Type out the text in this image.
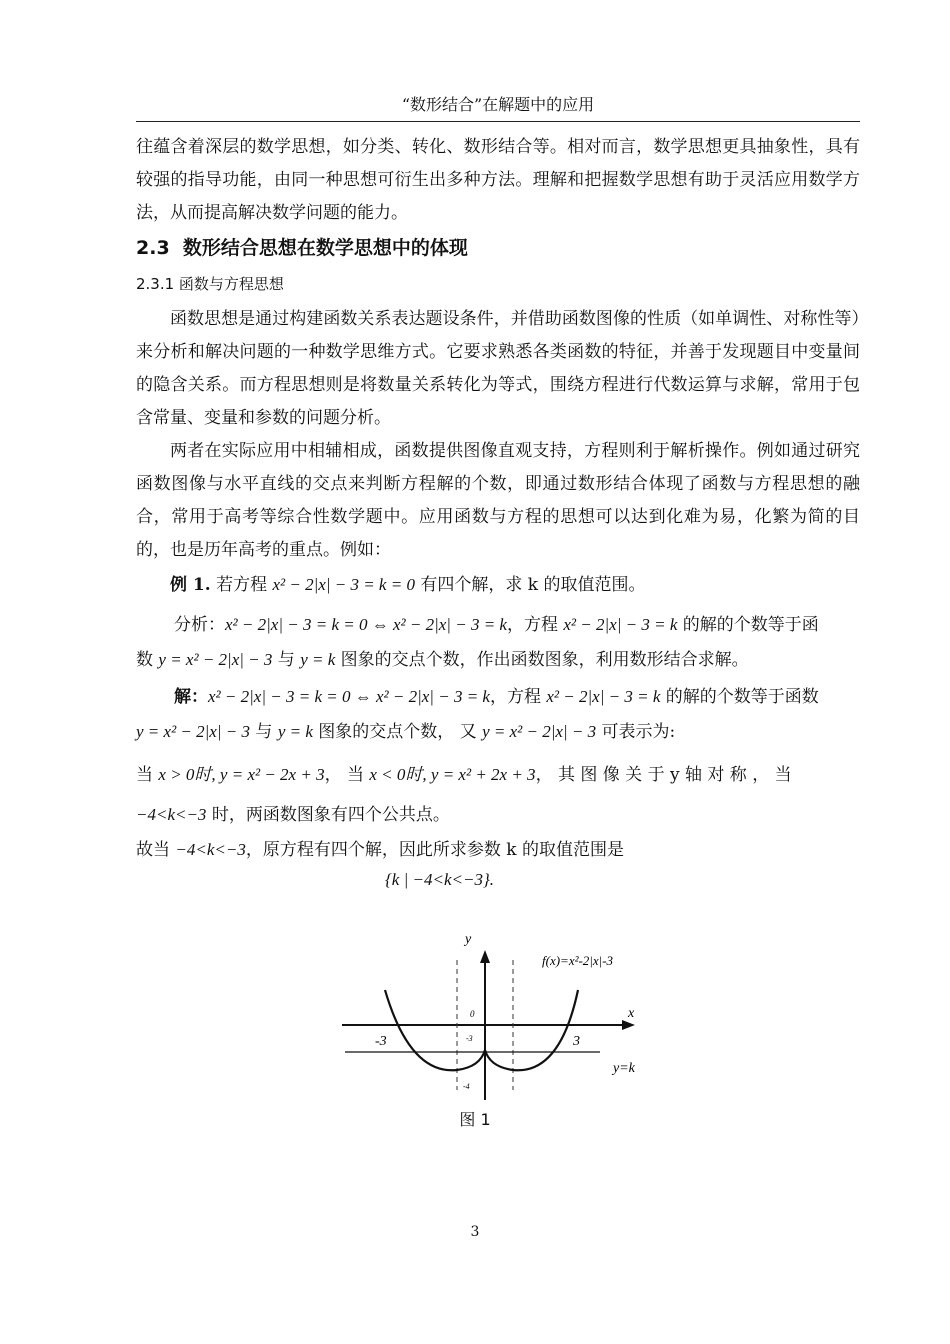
“数形结合”在解题中的应用
往蕴含着深层的数学思想，如分类、转化、数形结合等。相对而言，数学思想更具抽象性，具有较强的指导功能，由同一种思想可衍生出多种方法。理解和把握数学思想有助于灵活应用数学方法，从而提高解决数学问题的能力。
2.3 数形结合思想在数学思想中的体现
2.3.1 函数与方程思想
函数思想是通过构建函数关系表达题设条件，并借助函数图像的性质（如单调性、对称性等）来分析和解决问题的一种数学思维方式。它要求熟悉各类函数的特征，并善于发现题目中变量间的隐含关系。而方程思想则是将数量关系转化为等式，围绕方程进行代数运算与求解，常用于包含常量、变量和参数的问题分析。
两者在实际应用中相辅相成，函数提供图像直观支持，方程则利于解析操作。例如通过研究函数图像与水平直线的交点来判断方程解的个数，即通过数形结合体现了函数与方程思想的融合，常用于高考等综合性数学题中。应用函数与方程的思想可以达到化难为易，化繁为简的目的，也是历年高考的重点。例如：
例 1. 若方程 x² − 2|x| − 3 = k = 0 有四个解，求 k 的取值范围。
分析：x² − 2|x| − 3 = k = 0 ⇔ x² − 2|x| − 3 = k，方程 x² − 2|x| − 3 = k 的解的个数等于函
数 y = x² − 2|x| − 3 与 y = k 图象的交点个数，作出函数图象，利用数形结合求解。
解：x² − 2|x| − 3 = k = 0 ⇔ x² − 2|x| − 3 = k，方程 x² − 2|x| − 3 = k 的解的个数等于函数
y = x² − 2|x| − 3 与 y = k 图象的交点个数， 又 y = x² − 2|x| − 3 可表示为:
当 x > 0时, y = x² − 2x + 3， 当 x < 0时, y = x² + 2x + 3， 其 图 像 关 于 y 轴 对 称 ， 当
−4<k<−3 时，两函数图象有四个公共点。
故当 −4<k<−3，原方程有四个解，因此所求参数 k 的取值范围是
{k | −4<k<−3}.
y
x
f(x)=x²-2|x|-3
0
-3	3
-3
-4
y=k
图 1
3
